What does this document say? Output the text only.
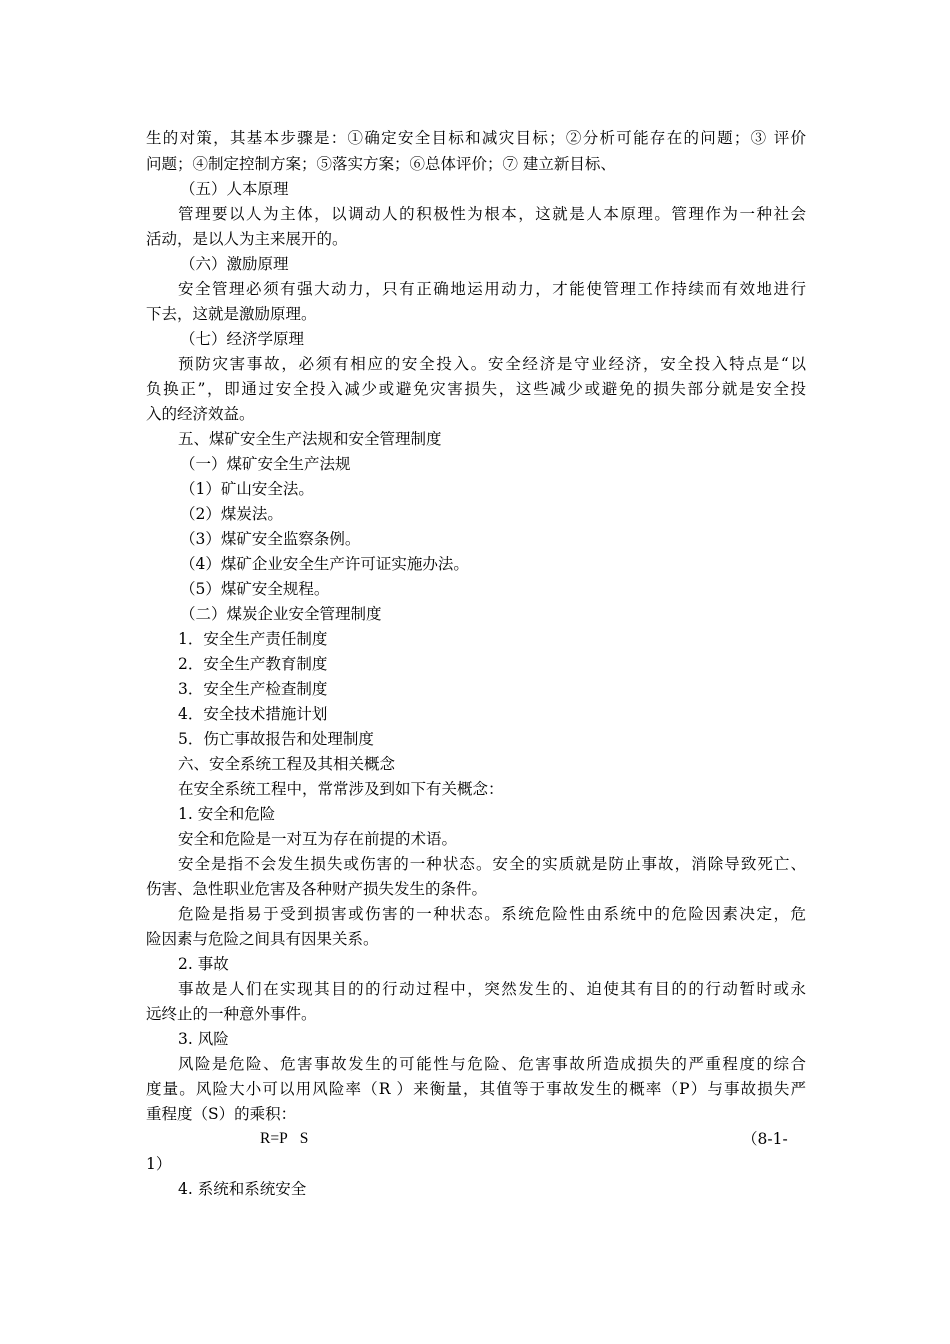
生的对策，其基本步骤是：①确定安全目标和减灾目标；②分析可能存在的问题；③ 评价
问题；④制定控制方案；⑤落实方案；⑥总体评价；⑦ 建立新目标、
（五）人本原理
管理要以人为主体，以调动人的积极性为根本，这就是人本原理。管理作为一种社会
活动，是以人为主来展开的。
（六）激励原理
安全管理必须有强大动力，只有正确地运用动力，才能使管理工作持续而有效地进行
下去，这就是激励原理。
（七）经济学原理
预防灾害事故，必须有相应的安全投入。安全经济是守业经济，安全投入特点是“以
负换正”，即通过安全投入减少或避免灾害损失，这些减少或避免的损失部分就是安全投
入的经济效益。
五、煤矿安全生产法规和安全管理制度
（一）煤矿安全生产法规
（1）矿山安全法。
（2）煤炭法。
（3）煤矿安全监察条例。
（4）煤矿企业安全生产许可证实施办法。
（5）煤矿安全规程。
（二）煤炭企业安全管理制度
1．安全生产责任制度
2．安全生产教育制度
3．安全生产检查制度
4．安全技术措施计划
5．伤亡事故报告和处理制度
六、安全系统工程及其相关概念
在安全系统工程中，常常涉及到如下有关概念：
1. 安全和危险
安全和危险是一对互为存在前提的术语。
安全是指不会发生损失或伤害的一种状态。安全的实质就是防止事故，消除导致死亡、
伤害、急性职业危害及各种财产损失发生的条件。
危险是指易于受到损害或伤害的一种状态。系统危险性由系统中的危险因素决定，危
险因素与危险之间具有因果关系。
2. 事故
事故是人们在实现其目的的行动过程中，突然发生的、迫使其有目的的行动暂时或永
远终止的一种意外事件。
3. 风险
风险是危险、危害事故发生的可能性与危险、危害事故所造成损失的严重程度的综合
度量。风险大小可以用风险率（R ）来衡量，其值等于事故发生的概率（P）与事故损失严
重程度（S）的乘积：
R=P S	（8-1-
1）
4. 系统和系统安全
